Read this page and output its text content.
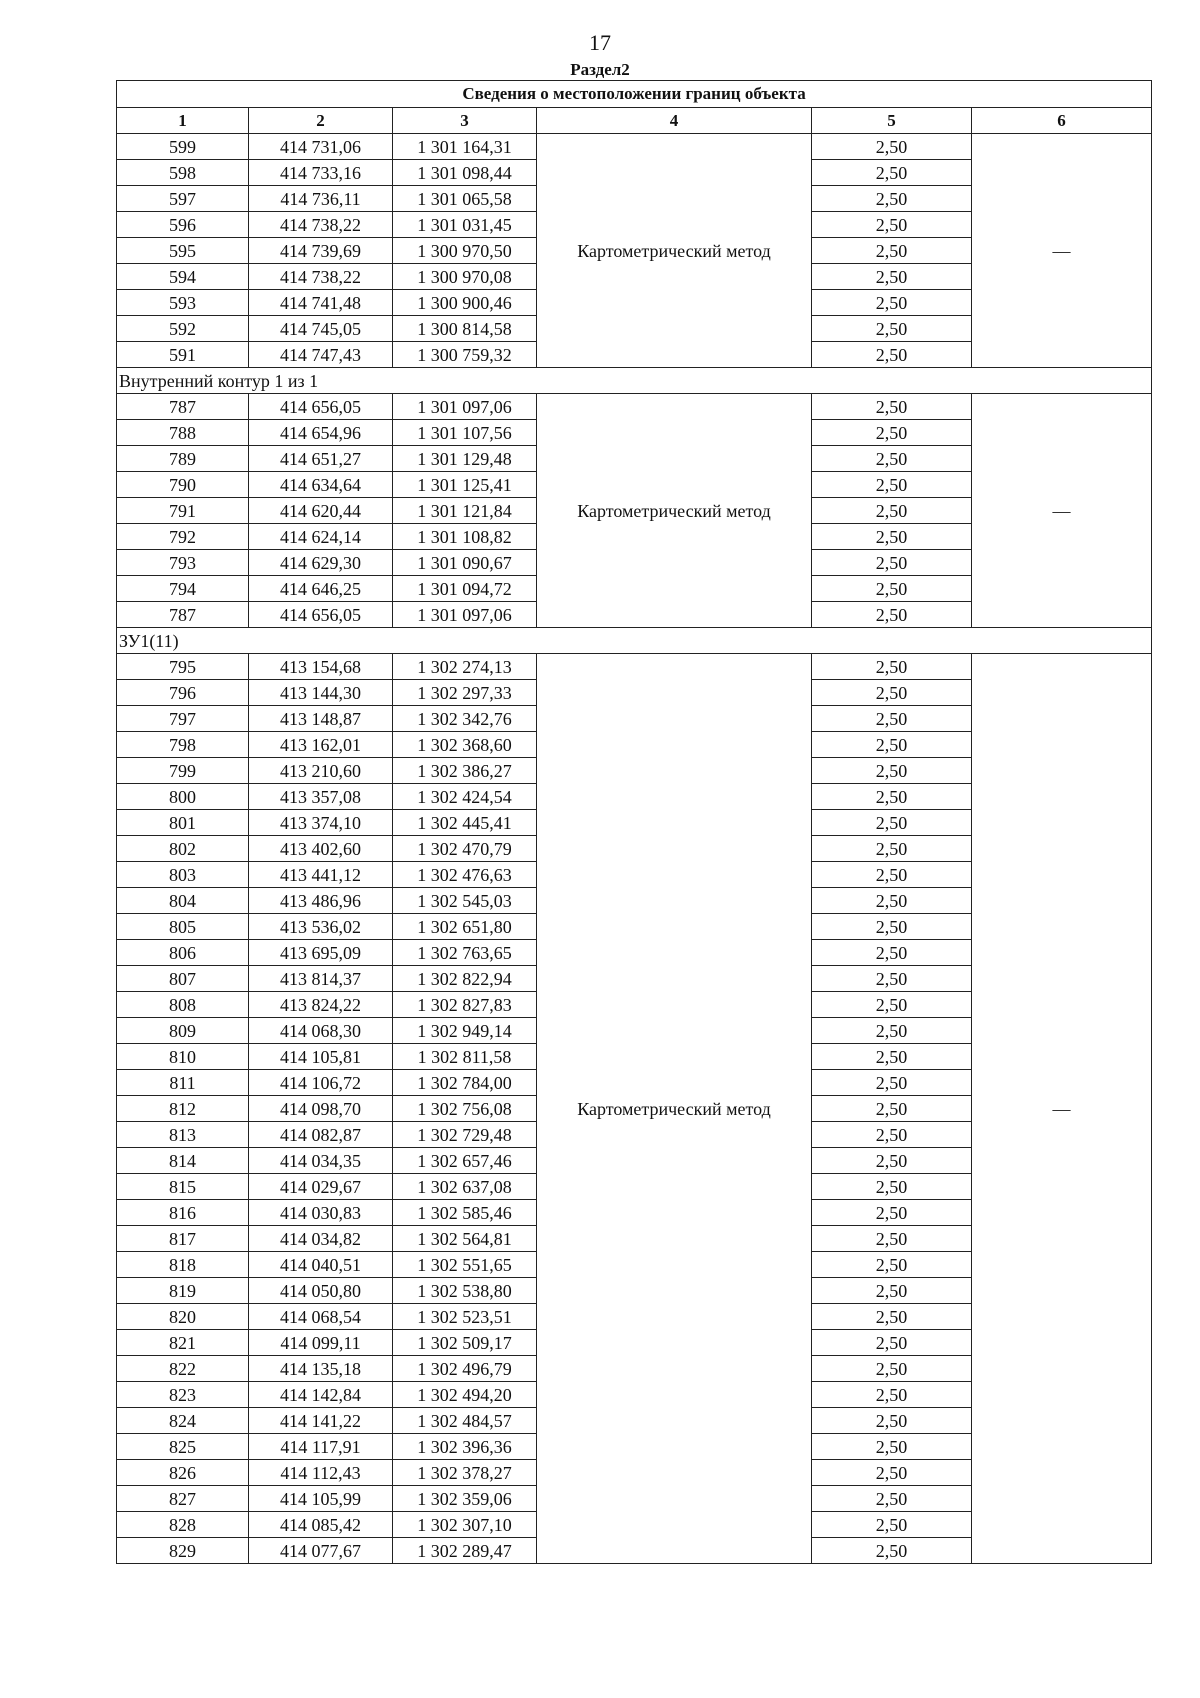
17
Раздел2
Сведения о местоположении границ объекта					
1	2	3	4	5	6
599	414 731,06	1 301 164,31	Картометрический метод	2,50	—
598	414 733,16	1 301 098,44		2,50	
597	414 736,11	1 301 065,58		2,50	
596	414 738,22	1 301 031,45		2,50	
595	414 739,69	1 300 970,50		2,50	
594	414 738,22	1 300 970,08		2,50	
593	414 741,48	1 300 900,46		2,50	
592	414 745,05	1 300 814,58		2,50	
591	414 747,43	1 300 759,32		2,50	
Внутренний контур 1 из 1					
787	414 656,05	1 301 097,06	Картометрический метод	2,50	—
788	414 654,96	1 301 107,56		2,50	
789	414 651,27	1 301 129,48		2,50	
790	414 634,64	1 301 125,41		2,50	
791	414 620,44	1 301 121,84		2,50	
792	414 624,14	1 301 108,82		2,50	
793	414 629,30	1 301 090,67		2,50	
794	414 646,25	1 301 094,72		2,50	
787	414 656,05	1 301 097,06		2,50	
ЗУ1(11)					
795	413 154,68	1 302 274,13	Картометрический метод	2,50	—
796	413 144,30	1 302 297,33		2,50	
797	413 148,87	1 302 342,76		2,50	
798	413 162,01	1 302 368,60		2,50	
799	413 210,60	1 302 386,27		2,50	
800	413 357,08	1 302 424,54		2,50	
801	413 374,10	1 302 445,41		2,50	
802	413 402,60	1 302 470,79		2,50	
803	413 441,12	1 302 476,63		2,50	
804	413 486,96	1 302 545,03		2,50	
805	413 536,02	1 302 651,80		2,50	
806	413 695,09	1 302 763,65		2,50	
807	413 814,37	1 302 822,94		2,50	
808	413 824,22	1 302 827,83		2,50	
809	414 068,30	1 302 949,14		2,50	
810	414 105,81	1 302 811,58		2,50	
811	414 106,72	1 302 784,00		2,50	
812	414 098,70	1 302 756,08		2,50	
813	414 082,87	1 302 729,48		2,50	
814	414 034,35	1 302 657,46		2,50	
815	414 029,67	1 302 637,08		2,50	
816	414 030,83	1 302 585,46		2,50	
817	414 034,82	1 302 564,81		2,50	
818	414 040,51	1 302 551,65		2,50	
819	414 050,80	1 302 538,80		2,50	
820	414 068,54	1 302 523,51		2,50	
821	414 099,11	1 302 509,17		2,50	
822	414 135,18	1 302 496,79		2,50	
823	414 142,84	1 302 494,20		2,50	
824	414 141,22	1 302 484,57		2,50	
825	414 117,91	1 302 396,36		2,50	
826	414 112,43	1 302 378,27		2,50	
827	414 105,99	1 302 359,06		2,50	
828	414 085,42	1 302 307,10		2,50	
829	414 077,67	1 302 289,47		2,50	
